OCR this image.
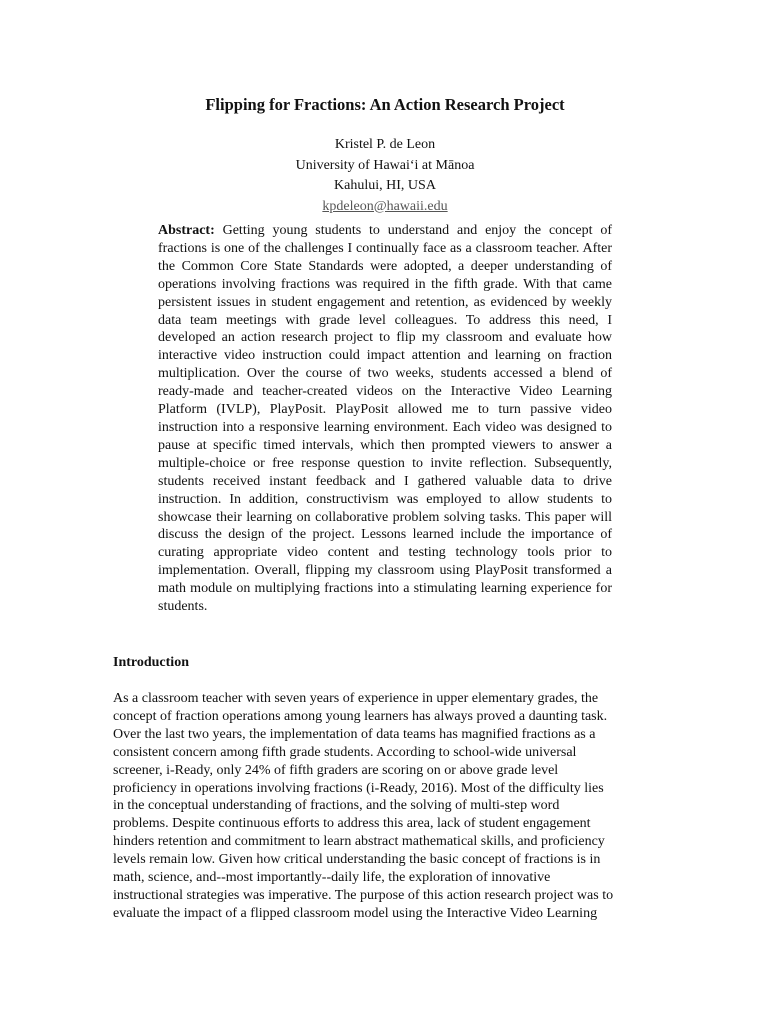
Flipping for Fractions: An Action Research Project
Kristel P. de Leon
University of Hawaiʻi at Mānoa
Kahului, HI, USA
kpdeleon@hawaii.edu
Abstract: Getting young students to understand and enjoy the concept of fractions is one of the challenges I continually face as a classroom teacher. After the Common Core State Standards were adopted, a deeper understanding of operations involving fractions was required in the fifth grade. With that came persistent issues in student engagement and retention, as evidenced by weekly data team meetings with grade level colleagues. To address this need, I developed an action research project to flip my classroom and evaluate how interactive video instruction could impact attention and learning on fraction multiplication. Over the course of two weeks, students accessed a blend of ready-made and teacher-created videos on the Interactive Video Learning Platform (IVLP), PlayPosit. PlayPosit allowed me to turn passive video instruction into a responsive learning environment. Each video was designed to pause at specific timed intervals, which then prompted viewers to answer a multiple-choice or free response question to invite reflection. Subsequently, students received instant feedback and I gathered valuable data to drive instruction. In addition, constructivism was employed to allow students to showcase their learning on collaborative problem solving tasks. This paper will discuss the design of the project. Lessons learned include the importance of curating appropriate video content and testing technology tools prior to implementation. Overall, flipping my classroom using PlayPosit transformed a math module on multiplying fractions into a stimulating learning experience for students.
Introduction
As a classroom teacher with seven years of experience in upper elementary grades, the
concept of fraction operations among young learners has always proved a daunting task.
Over the last two years, the implementation of data teams has magnified fractions as a
consistent concern among fifth grade students. According to school-wide universal
screener, i-Ready, only 24% of fifth graders are scoring on or above grade level
proficiency in operations involving fractions (i-Ready, 2016). Most of the difficulty lies
in the conceptual understanding of fractions, and the solving of multi-step word
problems. Despite continuous efforts to address this area, lack of student engagement
hinders retention and commitment to learn abstract mathematical skills, and proficiency
levels remain low. Given how critical understanding the basic concept of fractions is in
math, science, and--most importantly--daily life, the exploration of innovative
instructional strategies was imperative. The purpose of this action research project was to
evaluate the impact of a flipped classroom model using the Interactive Video Learning
